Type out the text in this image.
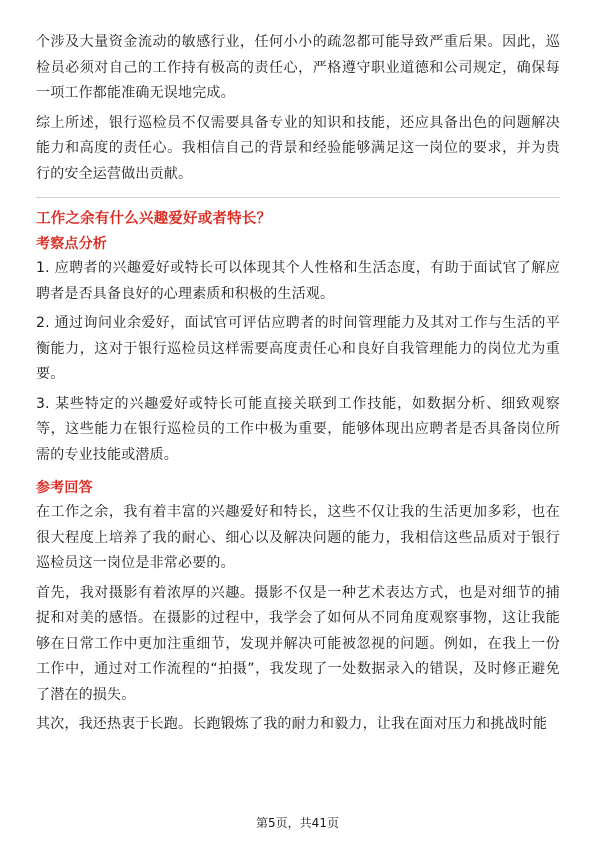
个涉及大量资金流动的敏感行业，任何小小的疏忽都可能导致严重后果。因此，巡检员必须对自己的工作持有极高的责任心，严格遵守职业道德和公司规定，确保每一项工作都能准确无误地完成。

综上所述，银行巡检员不仅需要具备专业的知识和技能，还应具备出色的问题解决能力和高度的责任心。我相信自己的背景和经验能够满足这一岗位的要求，并为贵行的安全运营做出贡献。

工作之余有什么兴趣爱好或者特长？

考察点分析

1. 应聘者的兴趣爱好或特长可以体现其个人性格和生活态度，有助于面试官了解应聘者是否具备良好的心理素质和积极的生活观。

2. 通过询问业余爱好，面试官可评估应聘者的时间管理能力及其对工作与生活的平衡能力，这对于银行巡检员这样需要高度责任心和良好自我管理能力的岗位尤为重要。

3. 某些特定的兴趣爱好或特长可能直接关联到工作技能，如数据分析、细致观察等，这些能力在银行巡检员的工作中极为重要，能够体现出应聘者是否具备岗位所需的专业技能或潜质。

参考回答

在工作之余，我有着丰富的兴趣爱好和特长，这些不仅让我的生活更加多彩，也在很大程度上培养了我的耐心、细心以及解决问题的能力，我相信这些品质对于银行巡检员这一岗位是非常必要的。

首先，我对摄影有着浓厚的兴趣。摄影不仅是一种艺术表达方式，也是对细节的捕捉和对美的感悟。在摄影的过程中，我学会了如何从不同角度观察事物，这让我能够在日常工作中更加注重细节，发现并解决可能被忽视的问题。例如，在我上一份工作中，通过对工作流程的“拍摄”，我发现了一处数据录入的错误，及时修正避免了潜在的损失。

其次，我还热衷于长跑。长跑锻炼了我的耐力和毅力，让我在面对压力和挑战时能

第5页，共41页
